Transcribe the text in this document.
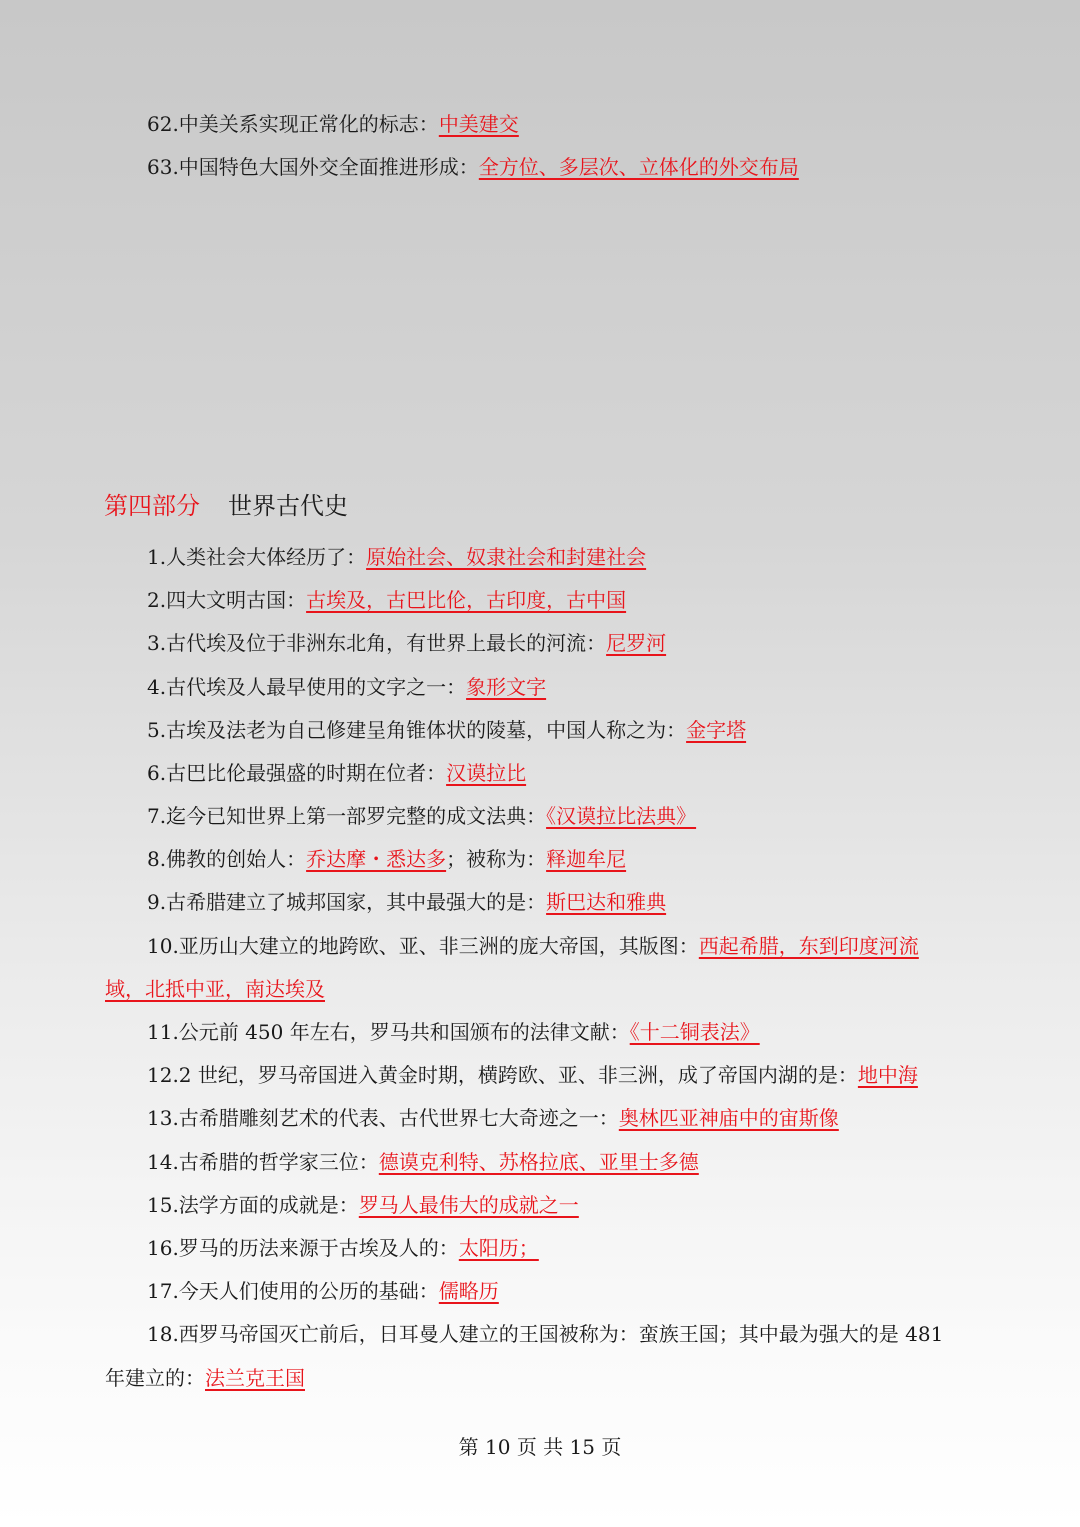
62.中美关系实现正常化的标志：中美建交
63.中国特色大国外交全面推进形成：全方位、多层次、立体化的外交布局
第四部分 世界古代史
1.人类社会大体经历了：原始社会、奴隶社会和封建社会
2.四大文明古国：古埃及，古巴比伦，古印度，古中国
3.古代埃及位于非洲东北角，有世界上最长的河流：尼罗河
4.古代埃及人最早使用的文字之一：象形文字
5.古埃及法老为自己修建呈角锥体状的陵墓，中国人称之为：金字塔
6.古巴比伦最强盛的时期在位者：汉谟拉比
7.迄今已知世界上第一部罗完整的成文法典：《汉谟拉比法典》
8.佛教的创始人：乔达摩・悉达多；被称为：释迦牟尼
9.古希腊建立了城邦国家，其中最强大的是：斯巴达和雅典
10.亚历山大建立的地跨欧、亚、非三洲的庞大帝国，其版图：西起希腊，东到印度河流
域，北抵中亚，南达埃及
11.公元前 450 年左右，罗马共和国颁布的法律文献：《十二铜表法》
12.2 世纪，罗马帝国进入黄金时期，横跨欧、亚、非三洲，成了帝国内湖的是：地中海
13.古希腊雕刻艺术的代表、古代世界七大奇迹之一：奥林匹亚神庙中的宙斯像
14.古希腊的哲学家三位：德谟克利特、苏格拉底、亚里士多德
15.法学方面的成就是：罗马人最伟大的成就之一
16.罗马的历法来源于古埃及人的：太阳历；
17.今天人们使用的公历的基础：儒略历
18.西罗马帝国灭亡前后，日耳曼人建立的王国被称为：蛮族王国；其中最为强大的是 481
年建立的：法兰克王国
第 10 页 共 15 页
